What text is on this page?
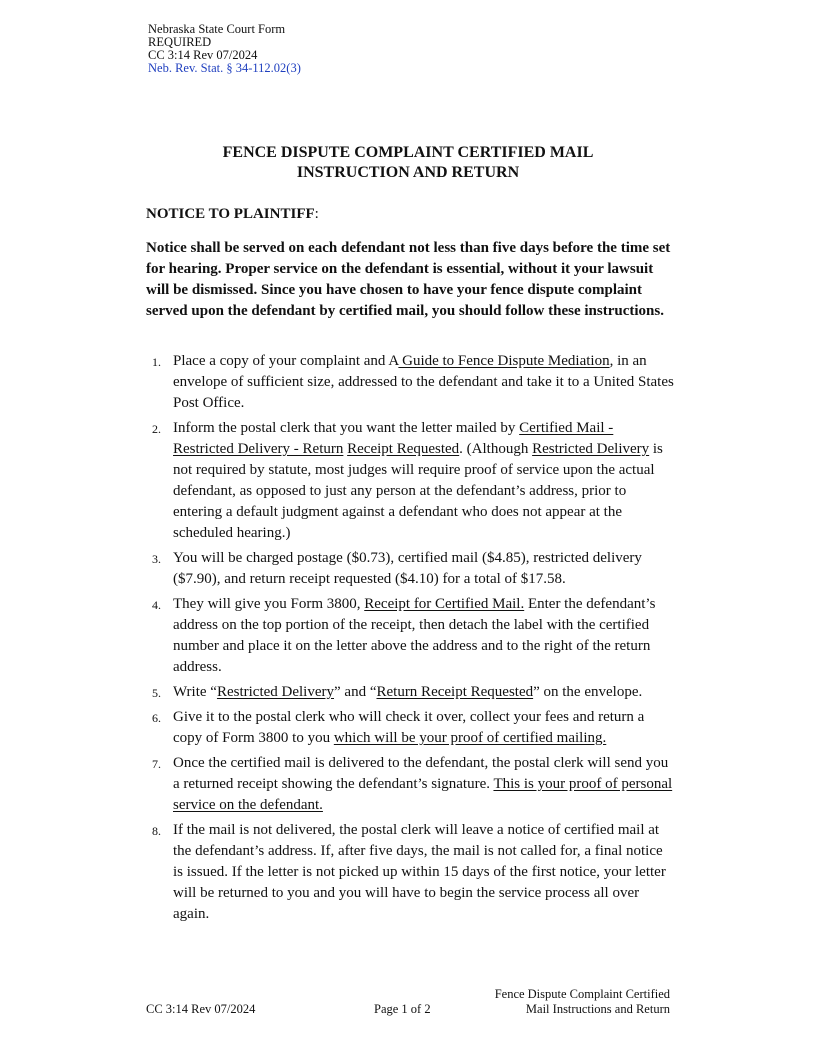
Nebraska State Court Form
REQUIRED
CC 3:14 Rev 07/2024
Neb. Rev. Stat. § 34-112.02(3)
FENCE DISPUTE COMPLAINT CERTIFIED MAIL
INSTRUCTION AND RETURN
NOTICE TO PLAINTIFF:
Notice shall be served on each defendant not less than five days before the time set for hearing. Proper service on the defendant is essential, without it your lawsuit will be dismissed. Since you have chosen to have your fence dispute complaint served upon the defendant by certified mail, you should follow these instructions.
1. Place a copy of your complaint and A Guide to Fence Dispute Mediation, in an envelope of sufficient size, addressed to the defendant and take it to a United States Post Office.
2. Inform the postal clerk that you want the letter mailed by Certified Mail - Restricted Delivery - Return Receipt Requested. (Although Restricted Delivery is not required by statute, most judges will require proof of service upon the actual defendant, as opposed to just any person at the defendant’s address, prior to entering a default judgment against a defendant who does not appear at the scheduled hearing.)
3. You will be charged postage ($0.73), certified mail ($4.85), restricted delivery ($7.90), and return receipt requested ($4.10) for a total of $17.58.
4. They will give you Form 3800, Receipt for Certified Mail. Enter the defendant’s address on the top portion of the receipt, then detach the label with the certified number and place it on the letter above the address and to the right of the return address.
5. Write “Restricted Delivery” and “Return Receipt Requested” on the envelope.
6. Give it to the postal clerk who will check it over, collect your fees and return a copy of Form 3800 to you which will be your proof of certified mailing.
7. Once the certified mail is delivered to the defendant, the postal clerk will send you a returned receipt showing the defendant’s signature. This is your proof of personal service on the defendant.
8. If the mail is not delivered, the postal clerk will leave a notice of certified mail at the defendant’s address. If, after five days, the mail is not called for, a final notice is issued. If the letter is not picked up within 15 days of the first notice, your letter will be returned to you and you will have to begin the service process all over again.
CC 3:14 Rev 07/2024	Page 1 of 2
Fence Dispute Complaint Certified
Mail Instructions and Return
